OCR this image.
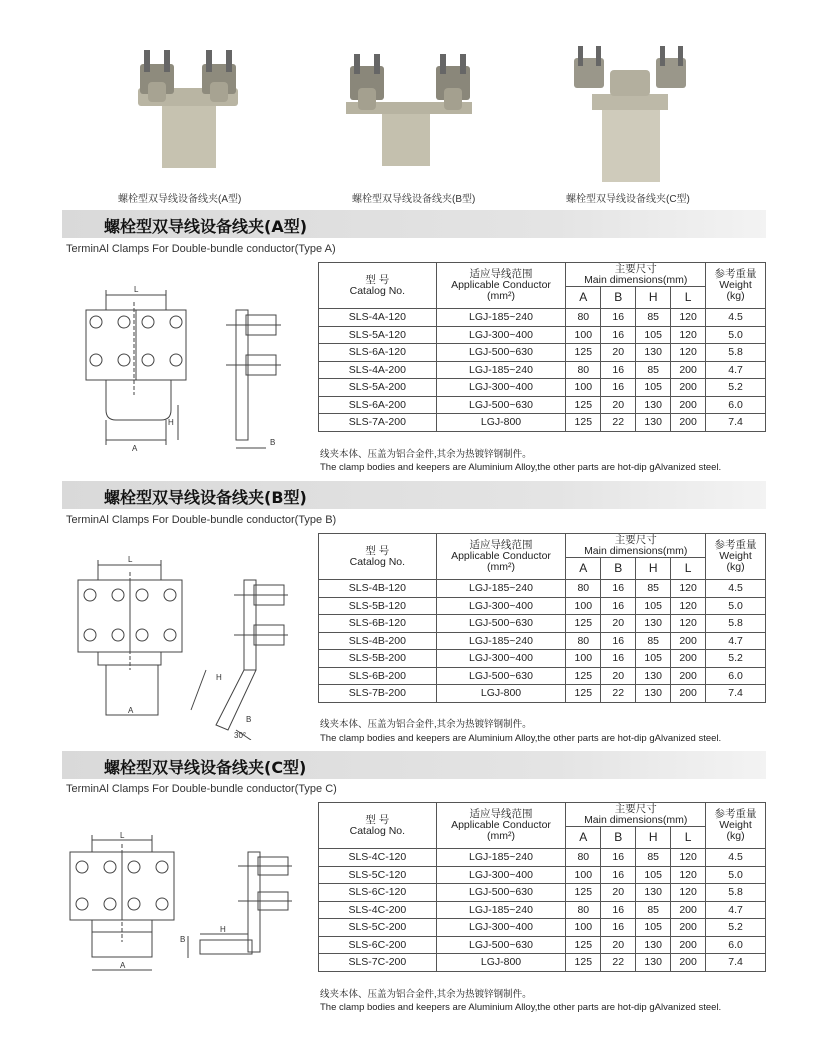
螺栓型双导线设备线夹(A型)	螺栓型双导线设备线夹(B型)	螺栓型双导线设备线夹(C型)
螺栓型双导线设备线夹(A型)
TerminAl Clamps For Double-bundle conductor(Type A)
L
A
H
B
型 号
Catalog No.	适应导线范围
Applicable Conductor
(mm²)	主要尺寸
Main dimensions(mm)				参考重量
Weight
(kg)
		A	B	H	L	
SLS-4A-120	LGJ-185~240	80	16	85	120	4.5
SLS-5A-120	LGJ-300~400	100	16	105	120	5.0
SLS-6A-120	LGJ-500~630	125	20	130	120	5.8
SLS-4A-200	LGJ-185~240	80	16	85	200	4.7
SLS-5A-200	LGJ-300~400	100	16	105	200	5.2
SLS-6A-200	LGJ-500~630	125	20	130	200	6.0
SLS-7A-200	LGJ-800	125	22	130	200	7.4
线夹本体、压盖为铝合金件,其余为热镀锌钢制件。
The clamp bodies and keepers are Aluminium Alloy,the other parts are hot-dip gAlvanized steel.
螺栓型双导线设备线夹(B型)
TerminAl Clamps For Double-bundle conductor(Type B)
L
A
H
B
30°
型 号
Catalog No.	适应导线范围
Applicable Conductor
(mm²)	主要尺寸
Main dimensions(mm)				参考重量
Weight
(kg)
		A	B	H	L	
SLS-4B-120	LGJ-185~240	80	16	85	120	4.5
SLS-5B-120	LGJ-300~400	100	16	105	120	5.0
SLS-6B-120	LGJ-500~630	125	20	130	120	5.8
SLS-4B-200	LGJ-185~240	80	16	85	200	4.7
SLS-5B-200	LGJ-300~400	100	16	105	200	5.2
SLS-6B-200	LGJ-500~630	125	20	130	200	6.0
SLS-7B-200	LGJ-800	125	22	130	200	7.4
线夹本体、压盖为铝合金件,其余为热镀锌钢制件。
The clamp bodies and keepers are Aluminium Alloy,the other parts are hot-dip gAlvanized steel.
螺栓型双导线设备线夹(C型)
TerminAl Clamps For Double-bundle conductor(Type C)
L
A
H
B
型 号
Catalog No.	适应导线范围
Applicable Conductor
(mm²)	主要尺寸
Main dimensions(mm)				参考重量
Weight
(kg)
		A	B	H	L	
SLS-4C-120	LGJ-185~240	80	16	85	120	4.5
SLS-5C-120	LGJ-300~400	100	16	105	120	5.0
SLS-6C-120	LGJ-500~630	125	20	130	120	5.8
SLS-4C-200	LGJ-185~240	80	16	85	200	4.7
SLS-5C-200	LGJ-300~400	100	16	105	200	5.2
SLS-6C-200	LGJ-500~630	125	20	130	200	6.0
SLS-7C-200	LGJ-800	125	22	130	200	7.4
线夹本体、压盖为铝合金件,其余为热镀锌钢制件。
The clamp bodies and keepers are Aluminium Alloy,the other parts are hot-dip gAlvanized steel.
